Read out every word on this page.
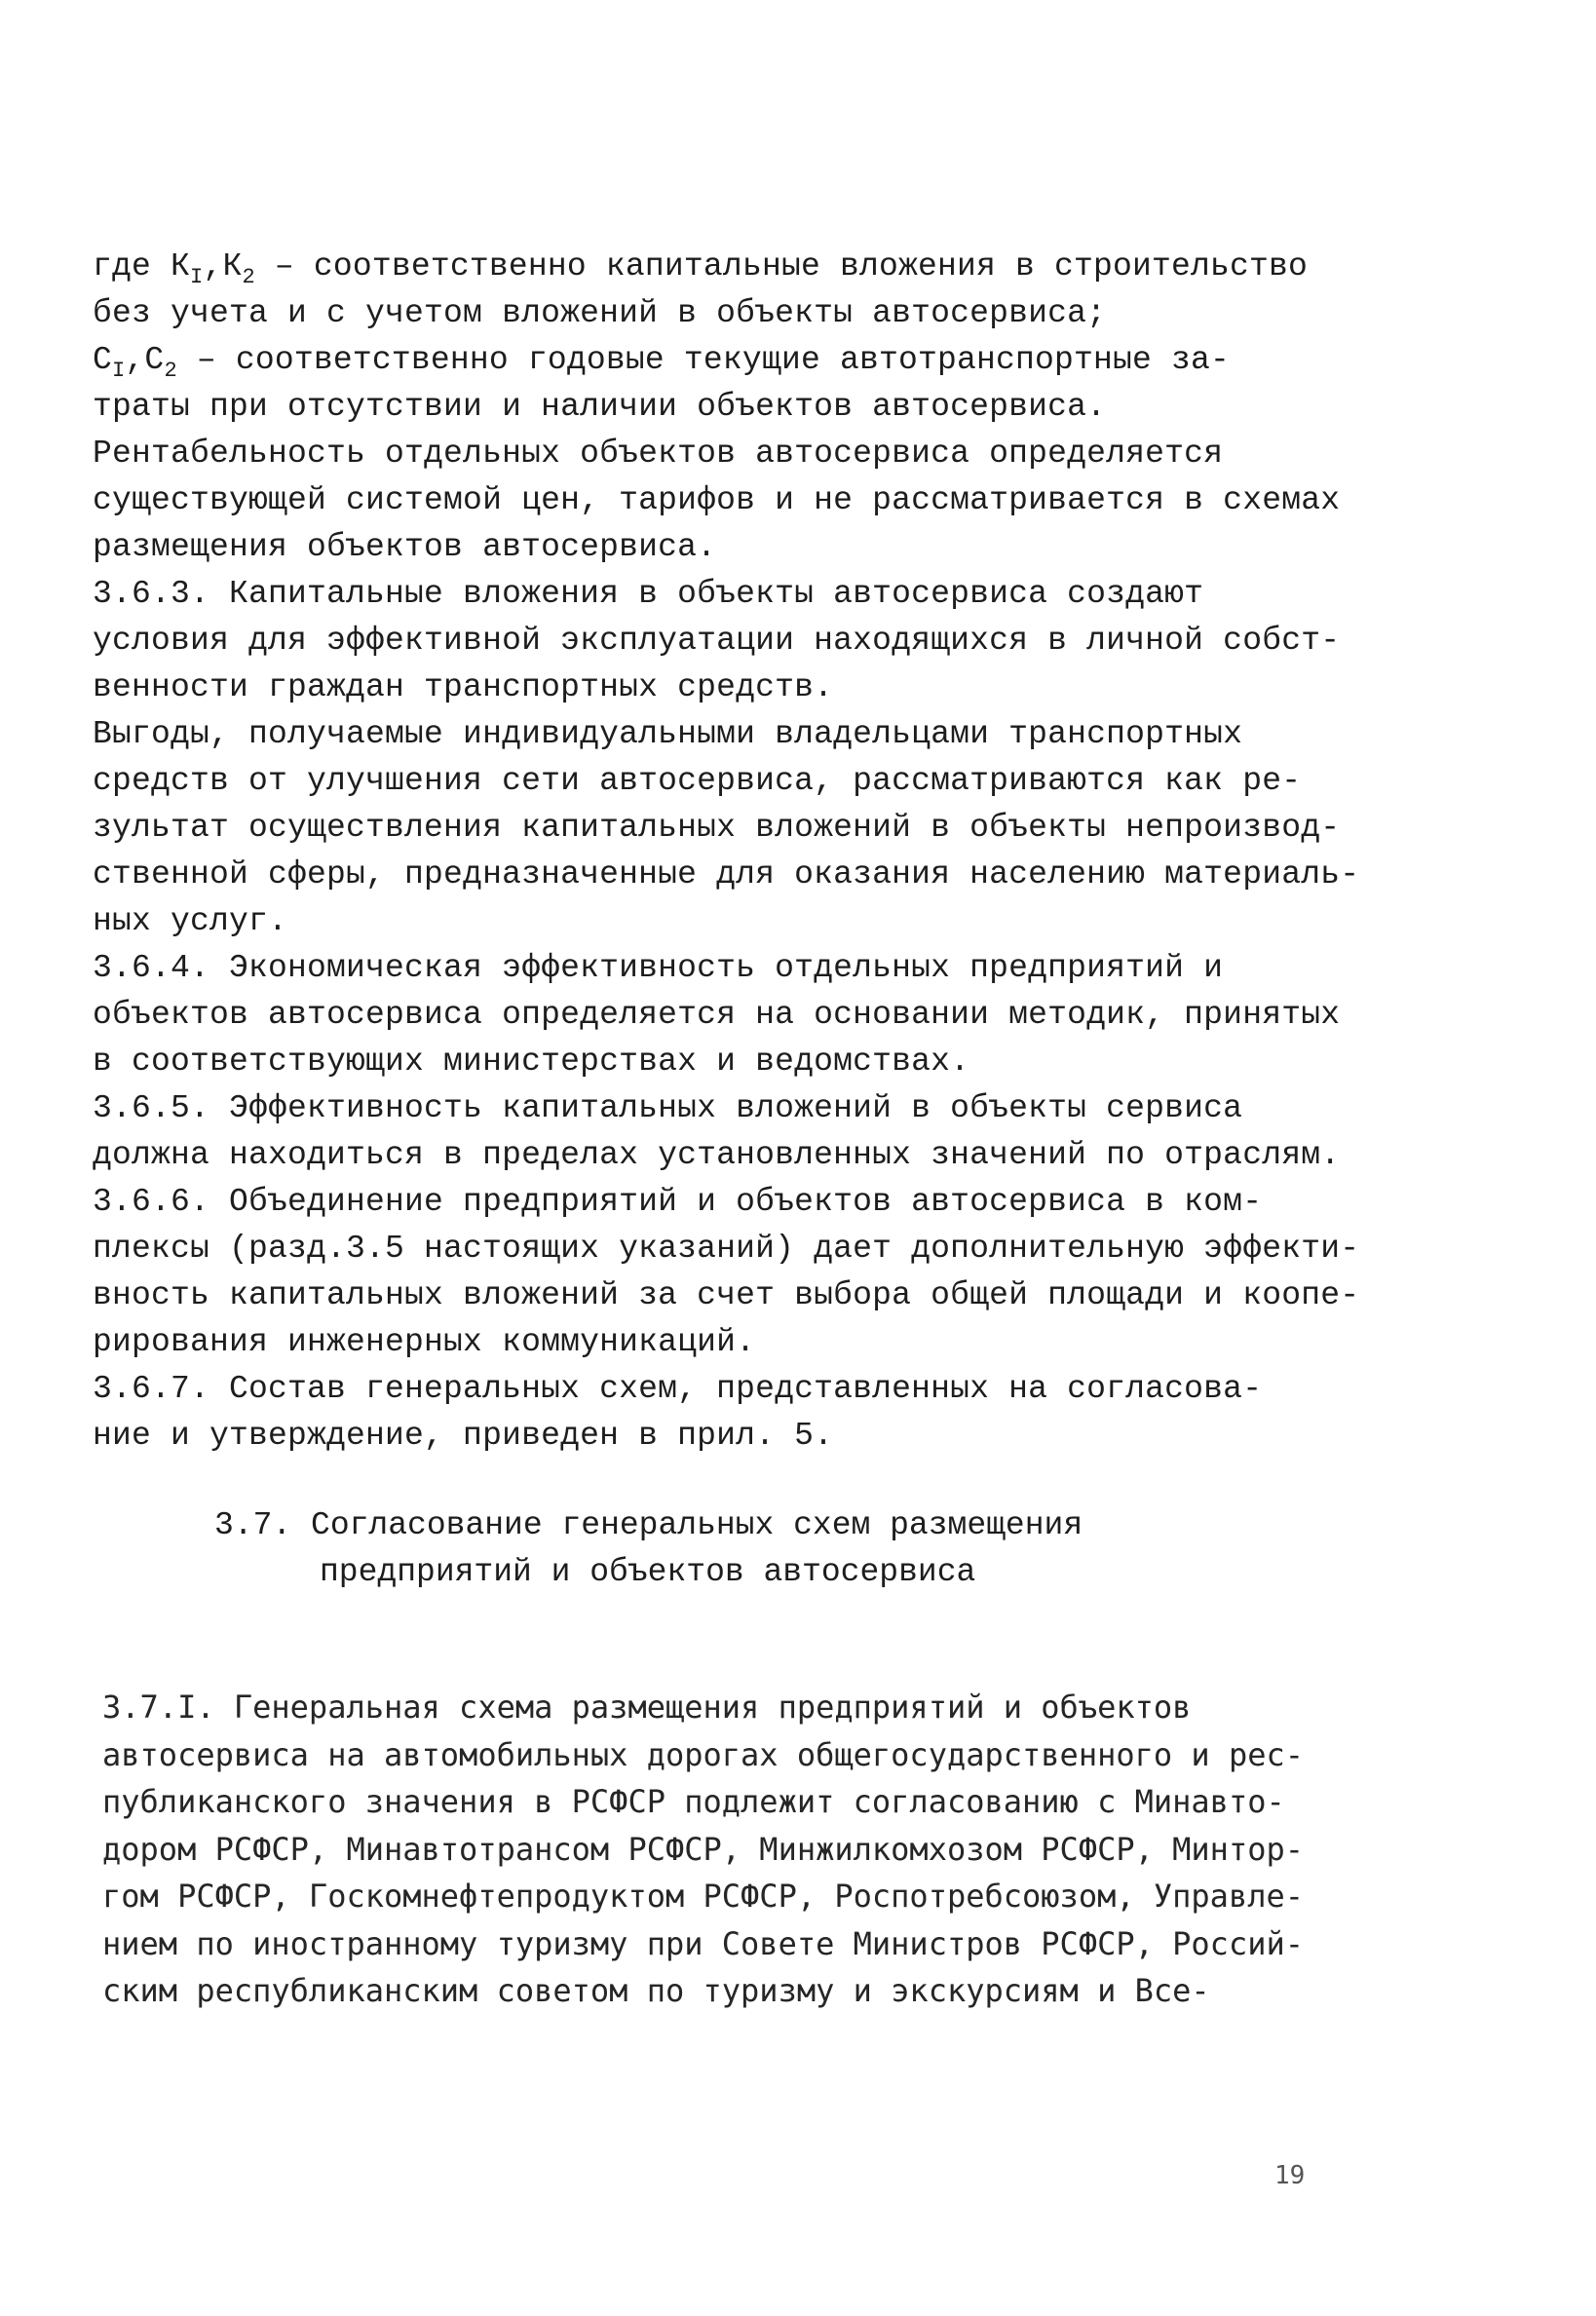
где $К_I,К_2$ – соответственно капитальные вложения в строительство
без учета и с учетом вложений в объекты автосервиса;
$С_I,С_2$ – соответственно годовые текущие автотранспортные за-
траты при отсутствии и наличии объектов автосервиса.
Рентабельность отдельных объектов автосервиса определяется
существующей системой цен, тарифов и не рассматривается в схемах
размещения объектов автосервиса.
3.6.3. Капитальные вложения в объекты автосервиса создают
условия для эффективной эксплуатации находящихся в личной собст-
венности граждан транспортных средств.
Выгоды, получаемые индивидуальными владельцами транспортных
средств от улучшения сети автосервиса, рассматриваются как ре-
зультат осуществления капитальных вложений в объекты непроизвод-
ственной сферы, предназначенные для оказания населению материаль-
ных услуг.
3.6.4. Экономическая эффективность отдельных предприятий и
объектов автосервиса определяется на основании методик, принятых
в соответствующих министерствах и ведомствах.
3.6.5. Эффективность капитальных вложений в объекты сервиса
должна находиться в пределах установленных значений по отраслям.
3.6.6. Объединение предприятий и объектов автосервиса в ком-
плексы (разд.3.5 настоящих указаний) дает дополнительную эффекти-
вность капитальных вложений за счет выбора общей площади и коопе-
рирования инженерных коммуникаций.
3.6.7. Состав генеральных схем, представленных на согласова-
ние и утверждение, приведен в прил. 5.
3.7. Согласование генеральных схем размещения
предприятий и объектов автосервиса
3.7.I. Генеральная схема размещения предприятий и объектов
автосервиса на автомобильных дорогах общегосударственного и рес-
публиканского значения в РСФСР подлежит согласованию с Минавто-
дором РСФСР, Минавтотрансом РСФСР, Минжилкомхозом РСФСР, Минтор-
гом РСФСР, Госкомнефтепродуктом РСФСР, Роспотребсоюзом, Управле-
нием по иностранному туризму при Совете Министров РСФСР, Россий-
ским республиканским советом по туризму и экскурсиям и Все-
19
